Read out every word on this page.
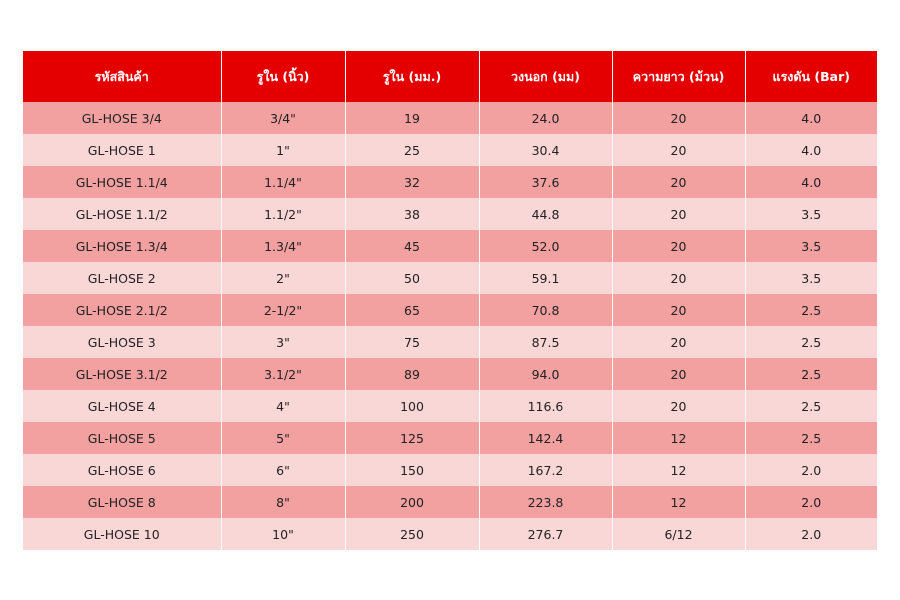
รหัสสินค้า	รูใน (นิ้ว)	รูใน (มม.)	วงนอก (มม)	ความยาว (ม้วน)	แรงดัน (Bar)
GL-HOSE 3/4	3/4"	19	24.0	20	4.0
GL-HOSE 1	1"	25	30.4	20	4.0
GL-HOSE 1.1/4	1.1/4"	32	37.6	20	4.0
GL-HOSE 1.1/2	1.1/2"	38	44.8	20	3.5
GL-HOSE 1.3/4	1.3/4"	45	52.0	20	3.5
GL-HOSE 2	2"	50	59.1	20	3.5
GL-HOSE 2.1/2	2-1/2"	65	70.8	20	2.5
GL-HOSE 3	3"	75	87.5	20	2.5
GL-HOSE 3.1/2	3.1/2"	89	94.0	20	2.5
GL-HOSE 4	4"	100	116.6	20	2.5
GL-HOSE 5	5"	125	142.4	12	2.5
GL-HOSE 6	6"	150	167.2	12	2.0
GL-HOSE 8	8"	200	223.8	12	2.0
GL-HOSE 10	10"	250	276.7	6/12	2.0
